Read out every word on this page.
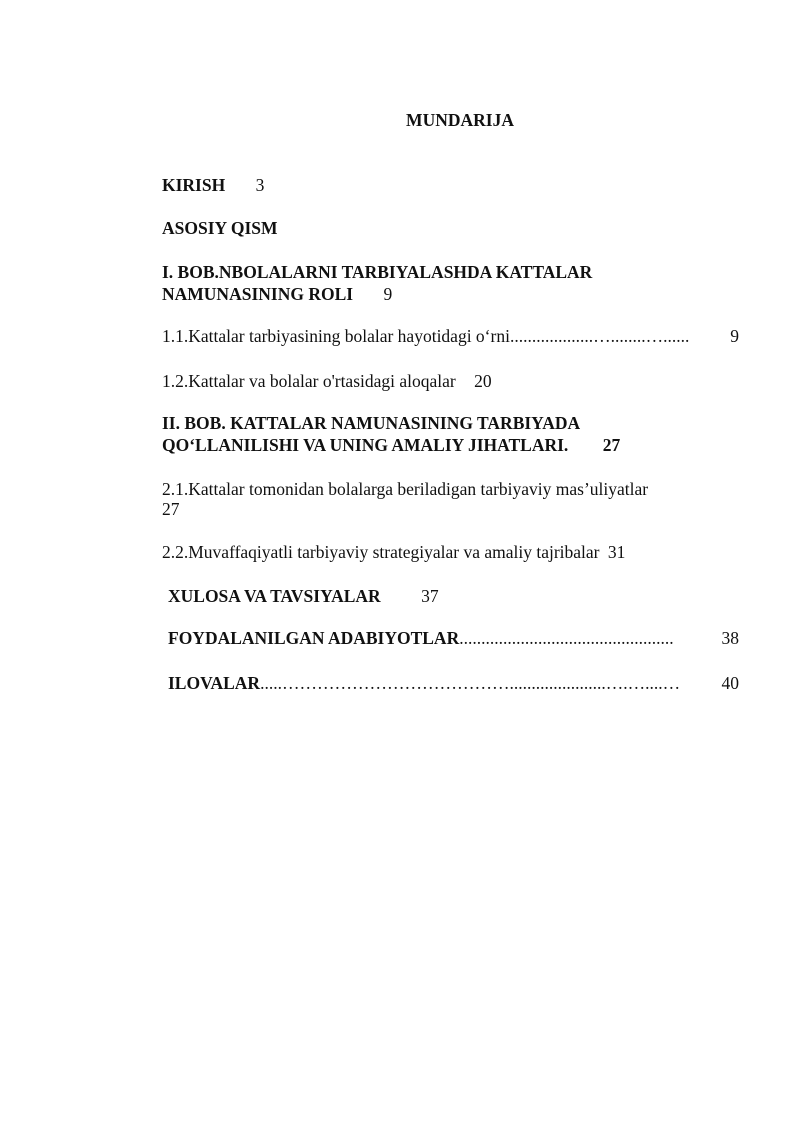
MUNDARIJA
KIRISH 3
ASOSIY QISM
I. BOB.NBOLALARNI TARBIYALASHDA KATTALAR
NAMUNASINING ROLI 9
1.1.Kattalar tarbiyasining bolalar hayotidagi o‘rni ...................…........…......	9
1.2.Kattalar va bolalar o'rtasidagi aloqalar 20
II. BOB. KATTALAR NAMUNASINING TARBIYADA
QO‘LLANILISHI VA UNING AMALIY JIHATLARI. 27
2.1.Kattalar tomonidan bolalarga beriladigan tarbiyaviy mas’uliyatlar
27
2.2.Muvaffaqiyatli tarbiyaviy strategiyalar va amaliy tajribalar 31
XULOSA VA TAVSIYALAR 37
FOYDALANILGAN ADABIYOTLAR .................................................	38
ILOVALAR .....…………………………………......................….…....…	40
